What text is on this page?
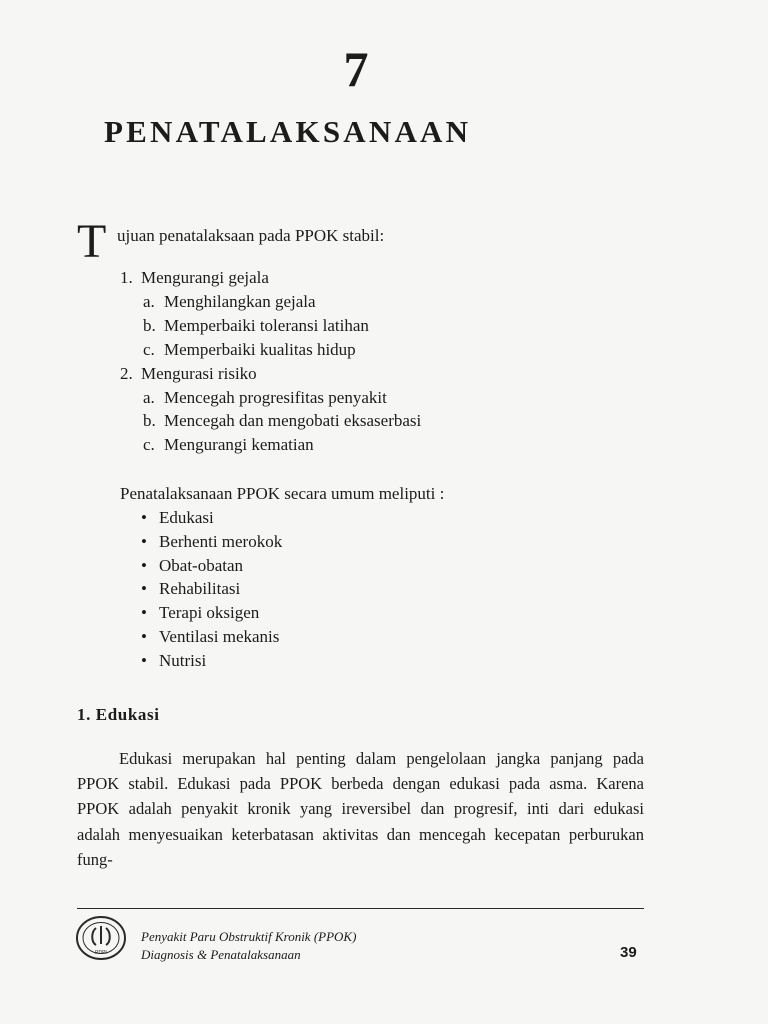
7
PENATALAKSANAAN
T ujuan penatalaksaan pada PPOK stabil:
1. Mengurangi gejala
a. Menghilangkan gejala
b. Memperbaiki toleransi latihan
c. Memperbaiki kualitas hidup
2. Mengurasi risiko
a. Mencegah progresifitas penyakit
b. Mencegah dan mengobati eksaserbasi
c. Mengurangi kematian
Penatalaksanaan PPOK secara umum meliputi :
• Edukasi
• Berhenti merokok
• Obat-obatan
• Rehabilitasi
• Terapi oksigen
• Ventilasi mekanis
• Nutrisi
1. Edukasi

Edukasi merupakan hal penting dalam pengelolaan jangka panjang pada PPOK stabil. Edukasi pada PPOK berbeda dengan edukasi pada asma. Karena PPOK adalah penyakit kronik yang ireversibel dan progresif, inti dari edukasi adalah menyesuaikan keterbatasan aktivitas dan mencegah kecepatan perburukan fung-

PDPI
Penyakit Paru Obstruktif Kronik (PPOK)
Diagnosis & Penatalaksanaan	39
